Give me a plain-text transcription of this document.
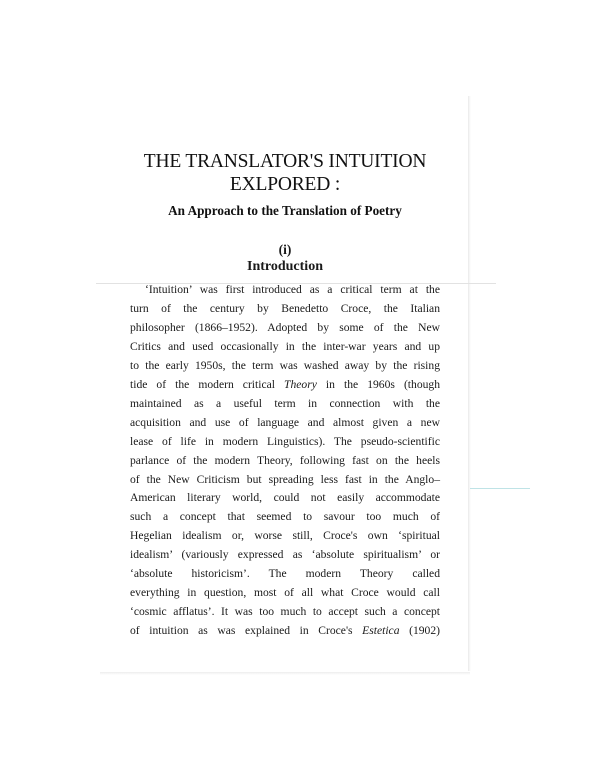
THE TRANSLATOR'S INTUITION
EXLPORED :
An Approach to the Translation of Poetry
(i)
Introduction
‘Intuition’ was first introduced as a critical term at the
turn of the century by Benedetto Croce, the Italian
philosopher (1866–1952). Adopted by some of the New
Critics and used occasionally in the inter-war years and up
to the early 1950s, the term was washed away by the rising
tide of the modern critical Theory in the 1960s (though
maintained as a useful term in connection with the
acquisition and use of language and almost given a new
lease of life in modern Linguistics). The pseudo-scientific
parlance of the modern Theory, following fast on the heels
of the New Criticism but spreading less fast in the Anglo–
American literary world, could not easily accommodate
such a concept that seemed to savour too much of
Hegelian idealism or, worse still, Croce's own ‘spiritual
idealism’ (variously expressed as ‘absolute spiritualism’ or
‘absolute historicism’. The modern Theory called
everything in question, most of all what Croce would call
‘cosmic afflatus’. It was too much to accept such a concept
of intuition as was explained in Croce's Estetica (1902)
